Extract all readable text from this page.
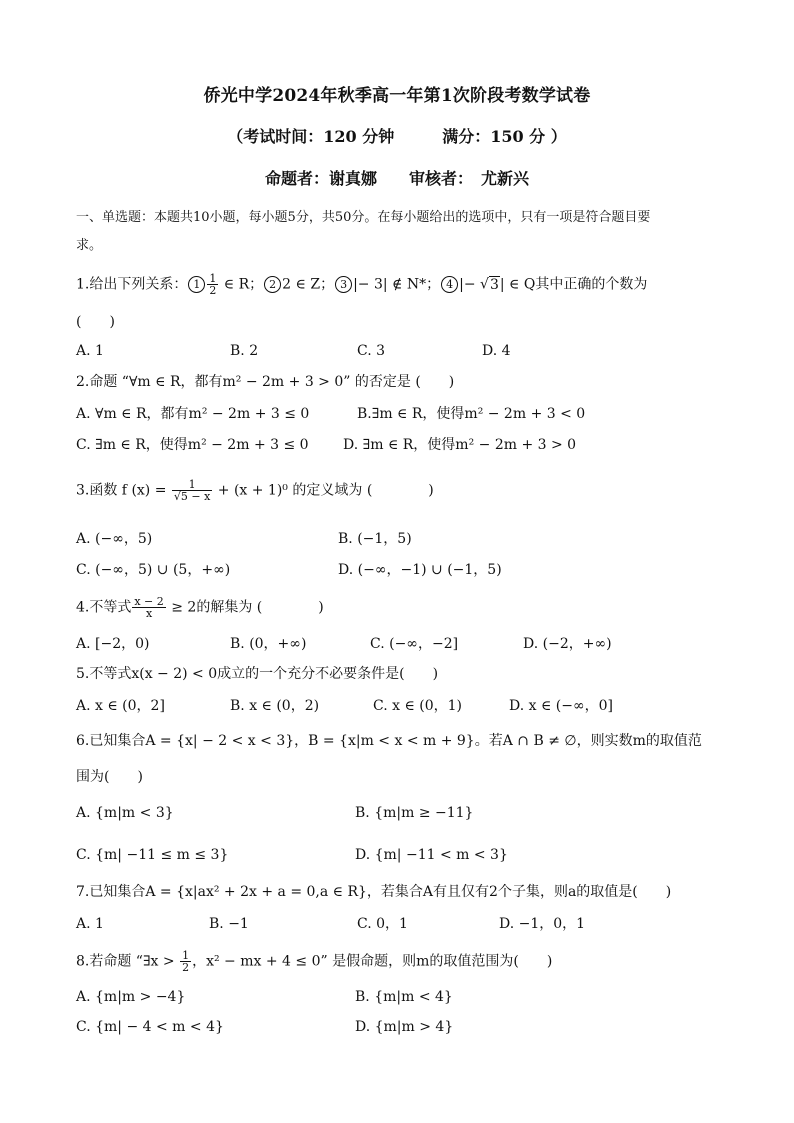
侨光中学2024年秋季高一年第1次阶段考数学试卷
（考试时间：120 分钟　　　满分：150 分 ）
命题者：谢真娜　　审核者：　尤新兴
一、单选题：本题共10小题，每小题5分，共50分。在每小题给出的选项中，只有一项是符合题目要
求。
1.给出下列关系： $1 \frac{1}{2}$ ∈ R； 2 2 ∈ Z； 3 |− 3| ∉ N*； 4 |− √3| ∈ Q其中正确的个数为
(　　)
A. 1	B. 2	C. 3	D. 4
2.命题 “∀m ∈ R，都有m² − 2m + 3 > 0” 的否定是 (　　)
A. ∀m ∈ R，都有m² − 2m + 3 ≤ 0	B.∃m ∈ R，使得m² − 2m + 3 < 0
C. ∃m ∈ R，使得m² − 2m + 3 ≤ 0 D. ∃m ∈ R，使得m² − 2m + 3 > 0
3.函数 f $(x) = \frac{1}{√5 - x} + (x + 1)^0$ 的定义域为 (　　　　)
A. (−∞，5)	B. (−1，5)
C. (−∞，5) ∪ (5，+∞)	D. (−∞，−1) ∪ (−1，5)
4.不等式 $\frac{x - 2}{x} \ge 2$的解集为 (　　　　)
A. [−2，0)	B. (0，+∞)	C. (−∞，−2]	D. (−2，+∞)
5.不等式x(x − 2) < 0成立的一个充分不必要条件是(　　)
A. x ∈ (0，2]	B. x ∈ (0，2)	C. x ∈ (0，1)	D. x ∈ (−∞，0]
6.已知集合A = {x| − 2 < x < 3}，B = {x|m < x < m + 9}。若A ∩ B ≠ ∅，则实数m的取值范
围为(　　)
A. {m|m < 3}	B. {m|m ≥ −11}
C. {m| −11 ≤ m ≤ 3}	D. {m| −11 < m < 3}
7.已知集合A = {x|ax² + 2x + a = 0,a ∈ R}，若集合A有且仅有2个子集，则a的取值是(　　)
A. 1	B. −1	C. 0，1	D. −1，0，1
8.若命题 “∃x > $\frac{1}{2}$ ，x² − mx + 4 ≤ 0” 是假命题，则m的取值范围为(　　)
A. {m|m > −4}	B. {m|m < 4}
C. {m| − 4 < m < 4}	D. {m|m > 4}
